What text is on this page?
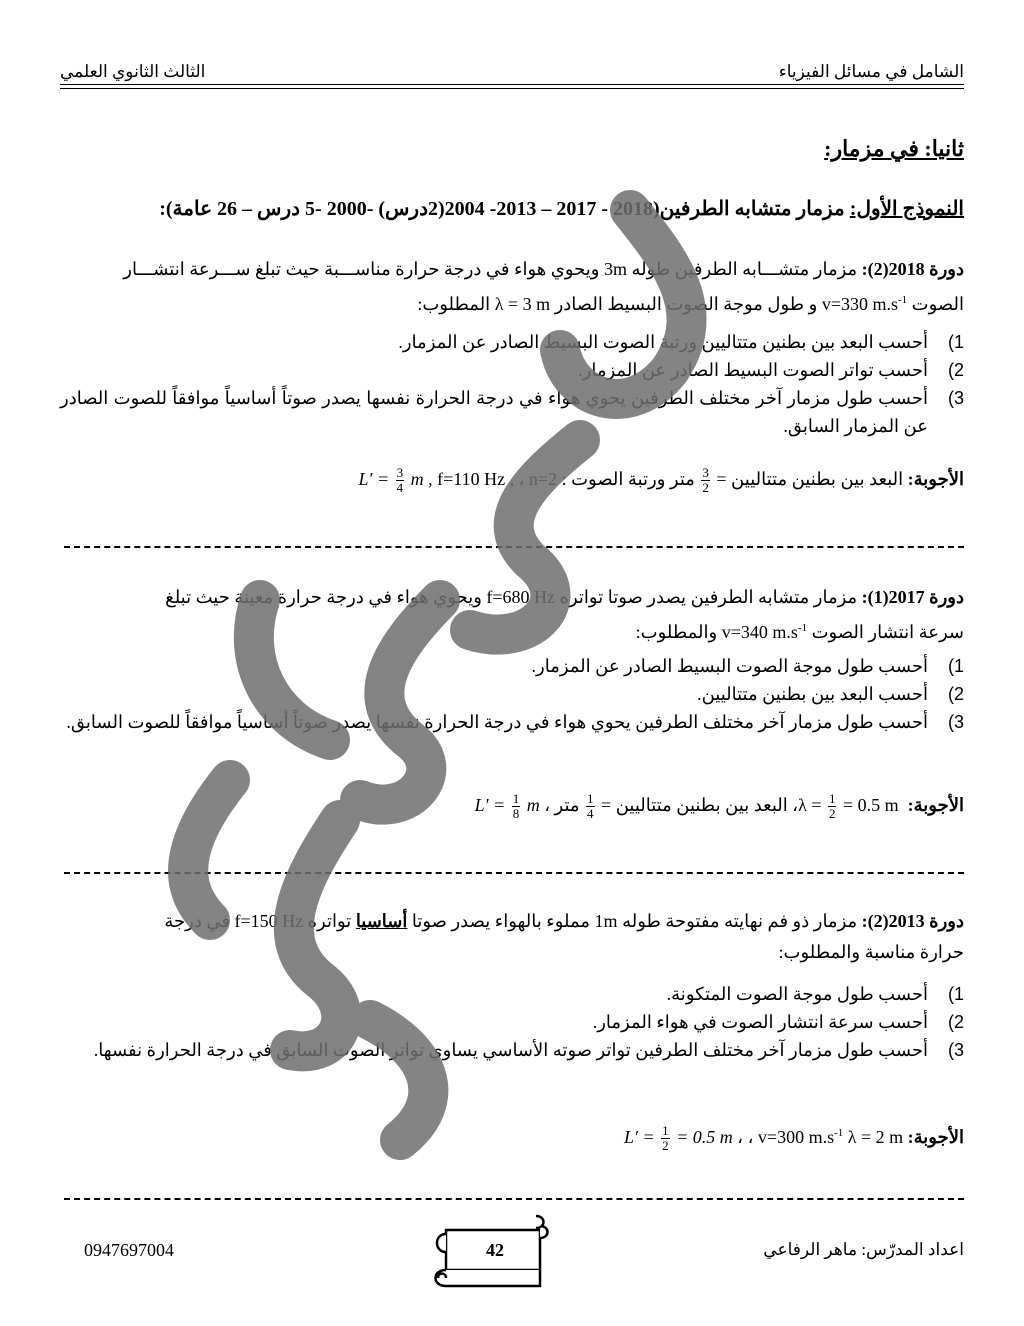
الشامل في مسائل الفيزياء
الثالث الثانوي العلمي
ثانيا: في مزمار:
النموذج الأول: مزمار متشابه الطرفين(2018 - 2017 – 2013- 2004(2درس) -2000 -5 درس – 26 عامة):
دورة 2018(2): مزمار متشـــابه الطرفين طوله 3m ويحوي هواء في درجة حرارة مناســـبة حيث تبلغ ســـرعة انتشـــار
الصوت v=330 $m.s^{-1}$ و طول موجة الصوت البسيط الصادر λ = 3 m المطلوب:
1)
أحسب البعد بين بطنين متتاليين ورتبة الصوت البسيط الصادر عن المزمار.
2)
أحسب تواتر الصوت البسيط الصادر عن المزمار.
3)
أحسب طول مزمار آخر مختلف الطرفين يحوي هواء في درجة الحرارة نفسها يصدر صوتاً أساسياً موافقاً للصوت الصادر عن المزمار السابق.
الأجوبة: البعد بين بطنين متتاليين =
$\frac{3}{2}$
متر ورتبة الصوت : n=2 ، $L' = \frac{3}{4}$ m , f=110 Hz ,
دورة 2017(1): مزمار متشابه الطرفين يصدر صوتا تواتره f=680 Hz ويحوي هواء في درجة حرارة معينة حيث تبلغ
سرعة انتشار الصوت v=340 $m.s^{-1}$ والمطلوب:
1)
أحسب طول موجة الصوت البسيط الصادر عن المزمار.
2)
أحسب البعد بين بطنين متتاليين.
3)
أحسب طول مزمار آخر مختلف الطرفين يحوي هواء في درجة الحرارة نفسها يصدر صوتاً أساسياً موافقاً للصوت السابق.
الأجوبة: $\lambda = \frac{1}{2} = 0.5$ m ، البعد بين بطنين متتاليين =
$\frac{1}{4}$
متر ، $L' = \frac{1}{8}$ m
دورة 2013(2): مزمار ذو فم نهايته مفتوحة طوله 1m مملوء بالهواء يصدر صوتا أساسيا تواتره f=150 Hz في درجة
حرارة مناسبة والمطلوب:
1)
أحسب طول موجة الصوت المتكونة.
2)
أحسب سرعة انتشار الصوت في هواء المزمار.
3)
أحسب طول مزمار آخر مختلف الطرفين تواتر صوته الأساسي يساوي تواتر الصوت السابق في درجة الحرارة نفسها.
الأجوبة: λ = 2 m ، v=300 $m.s^{-1}$ ، $L' = \frac{1}{2} = 0.5$ m
0947697004	42	اعداد المدرّس: ماهر الرفاعي
